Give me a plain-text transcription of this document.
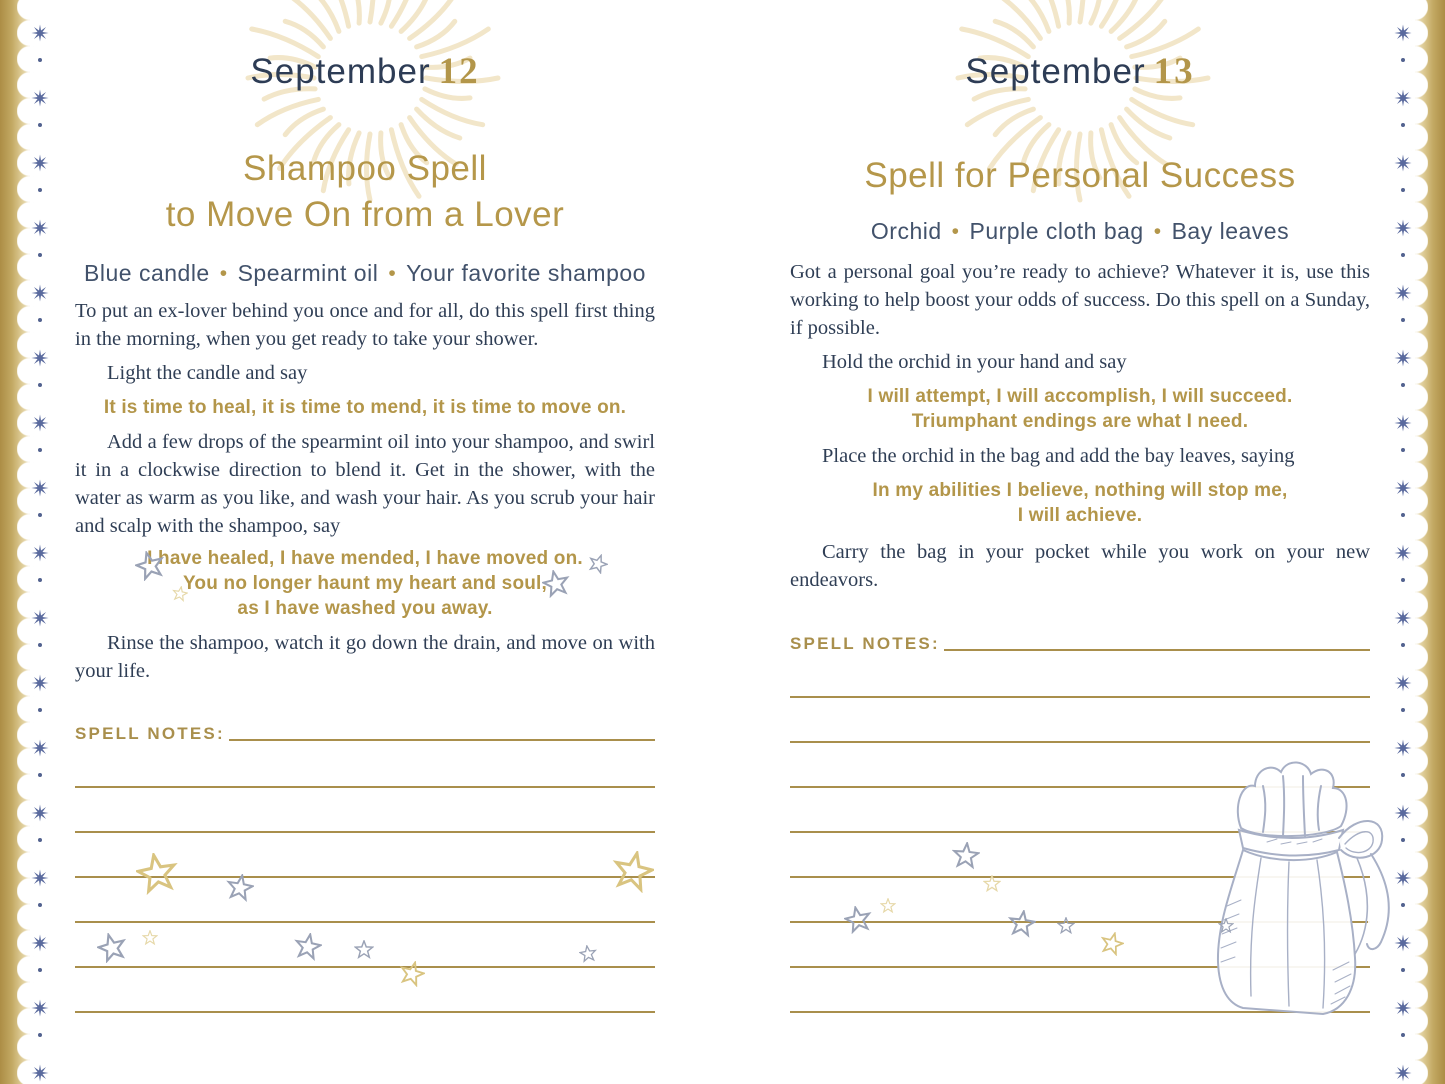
September 12
Shampoo Spell
to Move On from a Lover
Blue candle • Spearmint oil • Your favorite shampoo

To put an ex-lover behind you once and for all, do this spell first thing in the morning, when you get ready to take your shower.

Light the candle and say

It is time to heal, it is time to mend, it is time to move on.

Add a few drops of the spearmint oil into your shampoo, and swirl it in a clockwise direction to blend it. Get in the shower, with the water as warm as you like, and wash your hair. As you scrub your hair and scalp with the shampoo, say

I have healed, I have mended, I have moved on.
You no longer haunt my heart and soul,
as I have washed you away.

Rinse the shampoo, watch it go down the drain, and move on with your life.

SPELL NOTES:
September 13
Spell for Personal Success
Orchid • Purple cloth bag • Bay leaves

Got a personal goal you’re ready to achieve? Whatever it is, use this working to help boost your odds of success. Do this spell on a Sunday, if possible.

Hold the orchid in your hand and say

I will attempt, I will accomplish, I will succeed.
Triumphant endings are what I need.

Place the orchid in the bag and add the bay leaves, saying

In my abilities I believe, nothing will stop me,
I will achieve.

Carry the bag in your pocket while you work on your new endeavors.

SPELL NOTES:
